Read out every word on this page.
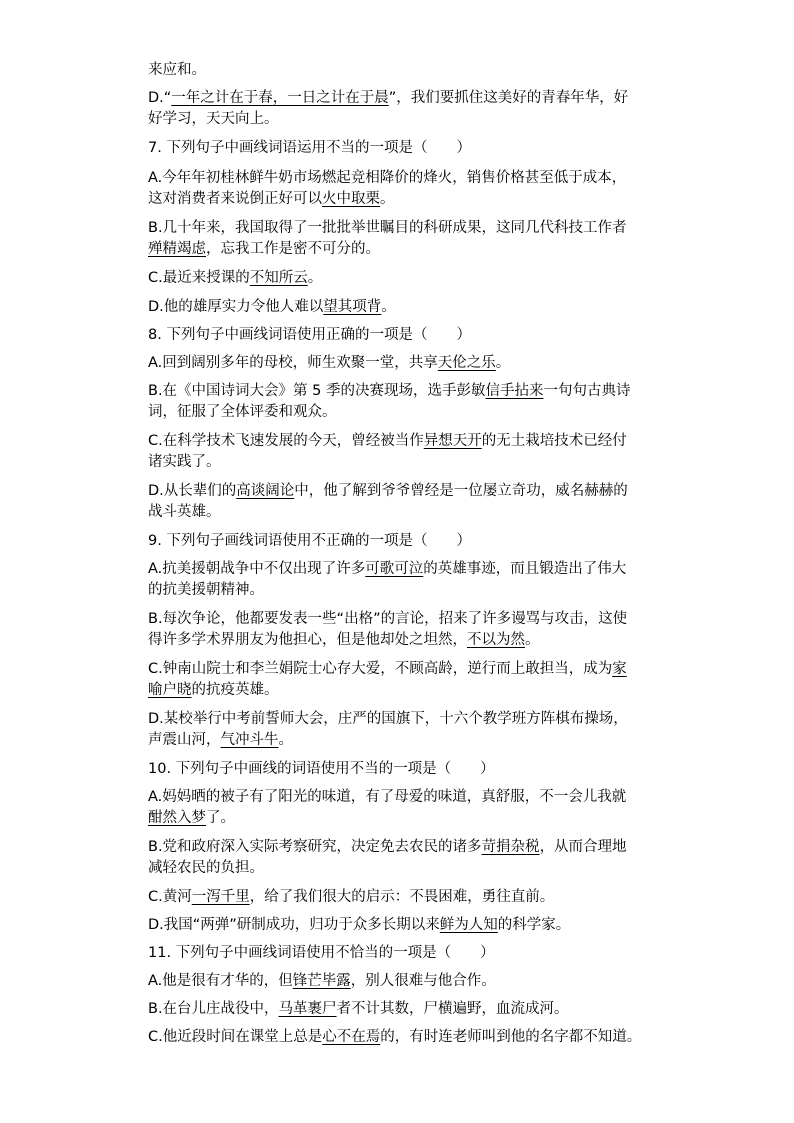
来应和。
D.“一年之计在于春，一日之计在于晨”，我们要抓住这美好的青春年华，好
好学习，天天向上。
7. 下列句子中画线词语运用不当的一项是（　　）
A.今年年初桂林鲜牛奶市场燃起竞相降价的烽火，销售价格甚至低于成本，
这对消费者来说倒正好可以火中取栗。
B.几十年来，我国取得了一批批举世瞩目的科研成果，这同几代科技工作者
殚精竭虑，忘我工作是密不可分的。
C.最近来授课的不知所云。
D.他的雄厚实力令他人难以望其项背。
8. 下列句子中画线词语使用正确的一项是（　　）
A.回到阔别多年的母校，师生欢聚一堂，共享天伦之乐。
B.在《中国诗词大会》第 5 季的决赛现场，选手彭敏信手拈来一句句古典诗
词，征服了全体评委和观众。
C.在科学技术飞速发展的今天，曾经被当作异想天开的无土栽培技术已经付
诸实践了。
D.从长辈们的高谈阔论中，他了解到爷爷曾经是一位屡立奇功，威名赫赫的
战斗英雄。
9. 下列句子画线词语使用不正确的一项是（　　）
A.抗美援朝战争中不仅出现了许多可歌可泣的英雄事迹，而且锻造出了伟大
的抗美援朝精神。
B.每次争论，他都要发表一些“出格”的言论，招来了许多谩骂与攻击，这使
得许多学术界朋友为他担心，但是他却处之坦然，不以为然。
C.钟南山院士和李兰娟院士心存大爱，不顾高龄，逆行而上敢担当，成为家
喻户晓的抗疫英雄。
D.某校举行中考前誓师大会，庄严的国旗下，十六个教学班方阵棋布操场，
声震山河，气冲斗牛。
10. 下列句子中画线的词语使用不当的一项是（　　）
A.妈妈晒的被子有了阳光的味道，有了母爱的味道，真舒服，不一会儿我就
酣然入梦了。
B.党和政府深入实际考察研究，决定免去农民的诸多苛捐杂税，从而合理地
减轻农民的负担。
C.黄河一泻千里，给了我们很大的启示：不畏困难，勇往直前。
D.我国“两弹”研制成功，归功于众多长期以来鲜为人知的科学家。
11. 下列句子中画线词语使用不恰当的一项是（　　）
A.他是很有才华的，但锋芒毕露，别人很难与他合作。
B.在台儿庄战役中，马革裹尸者不计其数，尸横遍野，血流成河。
C.他近段时间在课堂上总是心不在焉的，有时连老师叫到他的名字都不知道。
